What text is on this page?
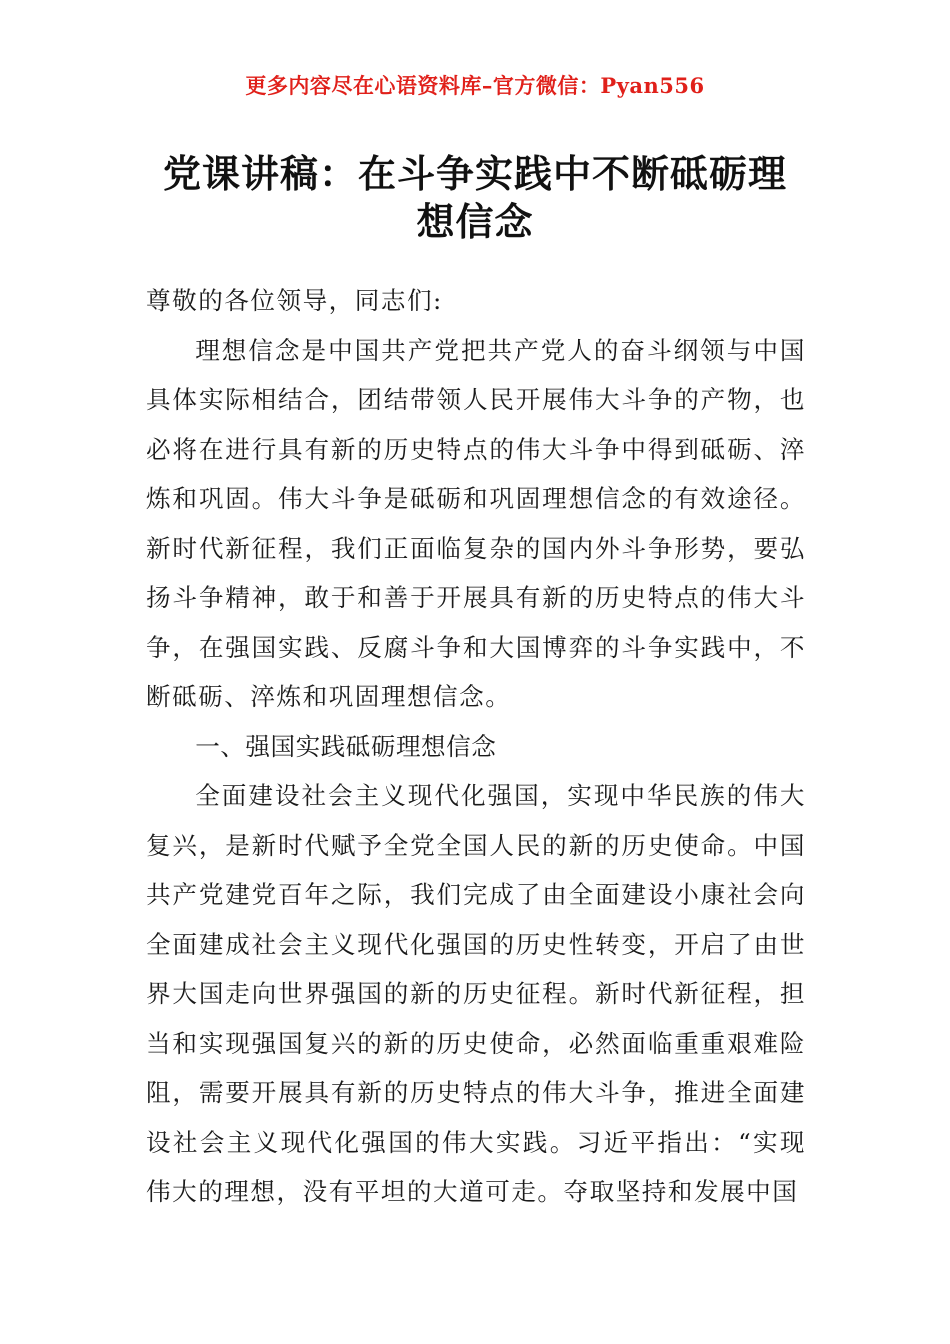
更多内容尽在心语资料库–官方微信：Pyan556
党课讲稿：在斗争实践中不断砥砺理想信念

尊敬的各位领导，同志们:

理想信念是中国共产党把共产党人的奋斗纲领与中国具体实际相结合，团结带领人民开展伟大斗争的产物，也必将在进行具有新的历史特点的伟大斗争中得到砥砺、淬炼和巩固。伟大斗争是砥砺和巩固理想信念的有效途径。新时代新征程，我们正面临复杂的国内外斗争形势，要弘扬斗争精神，敢于和善于开展具有新的历史特点的伟大斗争，在强国实践、反腐斗争和大国博弈的斗争实践中，不断砥砺、淬炼和巩固理想信念。

一、强国实践砥砺理想信念

全面建设社会主义现代化强国，实现中华民族的伟大复兴，是新时代赋予全党全国人民的新的历史使命。中国共产党建党百年之际，我们完成了由全面建设小康社会向全面建成社会主义现代化强国的历史性转变，开启了由世界大国走向世界强国的新的历史征程。新时代新征程，担当和实现强国复兴的新的历史使命，必然面临重重艰难险阻，需要开展具有新的历史特点的伟大斗争，推进全面建设社会主义现代化强国的伟大实践。习近平指出：“实现伟大的理想，没有平坦的大道可走。夺取坚持和发展中国
